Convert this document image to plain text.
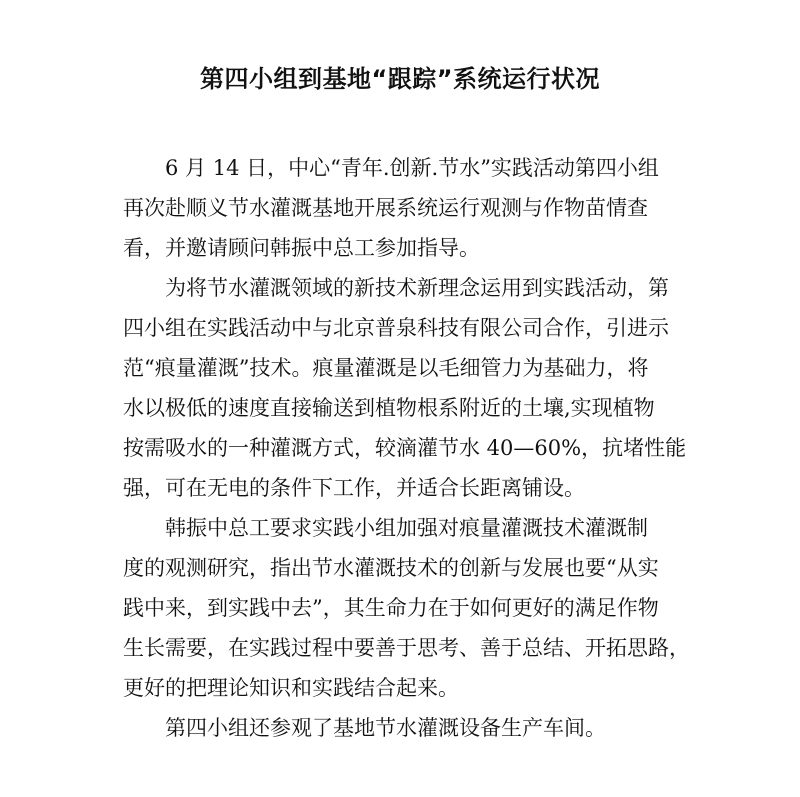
第四小组到基地“跟踪”系统运行状况
6 月 14 日，中心“青年.创新.节水”实践活动第四小组
再次赴顺义节水灌溉基地开展系统运行观测与作物苗情查
看，并邀请顾问韩振中总工参加指导。
为将节水灌溉领域的新技术新理念运用到实践活动，第
四小组在实践活动中与北京普泉科技有限公司合作，引进示
范“痕量灌溉”技术。痕量灌溉是以毛细管力为基础力，将
水以极低的速度直接输送到植物根系附近的土壤,实现植物
按需吸水的一种灌溉方式，较滴灌节水 40—60%，抗堵性能
强，可在无电的条件下工作，并适合长距离铺设。
韩振中总工要求实践小组加强对痕量灌溉技术灌溉制
度的观测研究，指出节水灌溉技术的创新与发展也要“从实
践中来，到实践中去”，其生命力在于如何更好的满足作物
生长需要，在实践过程中要善于思考、善于总结、开拓思路，
更好的把理论知识和实践结合起来。
第四小组还参观了基地节水灌溉设备生产车间。
